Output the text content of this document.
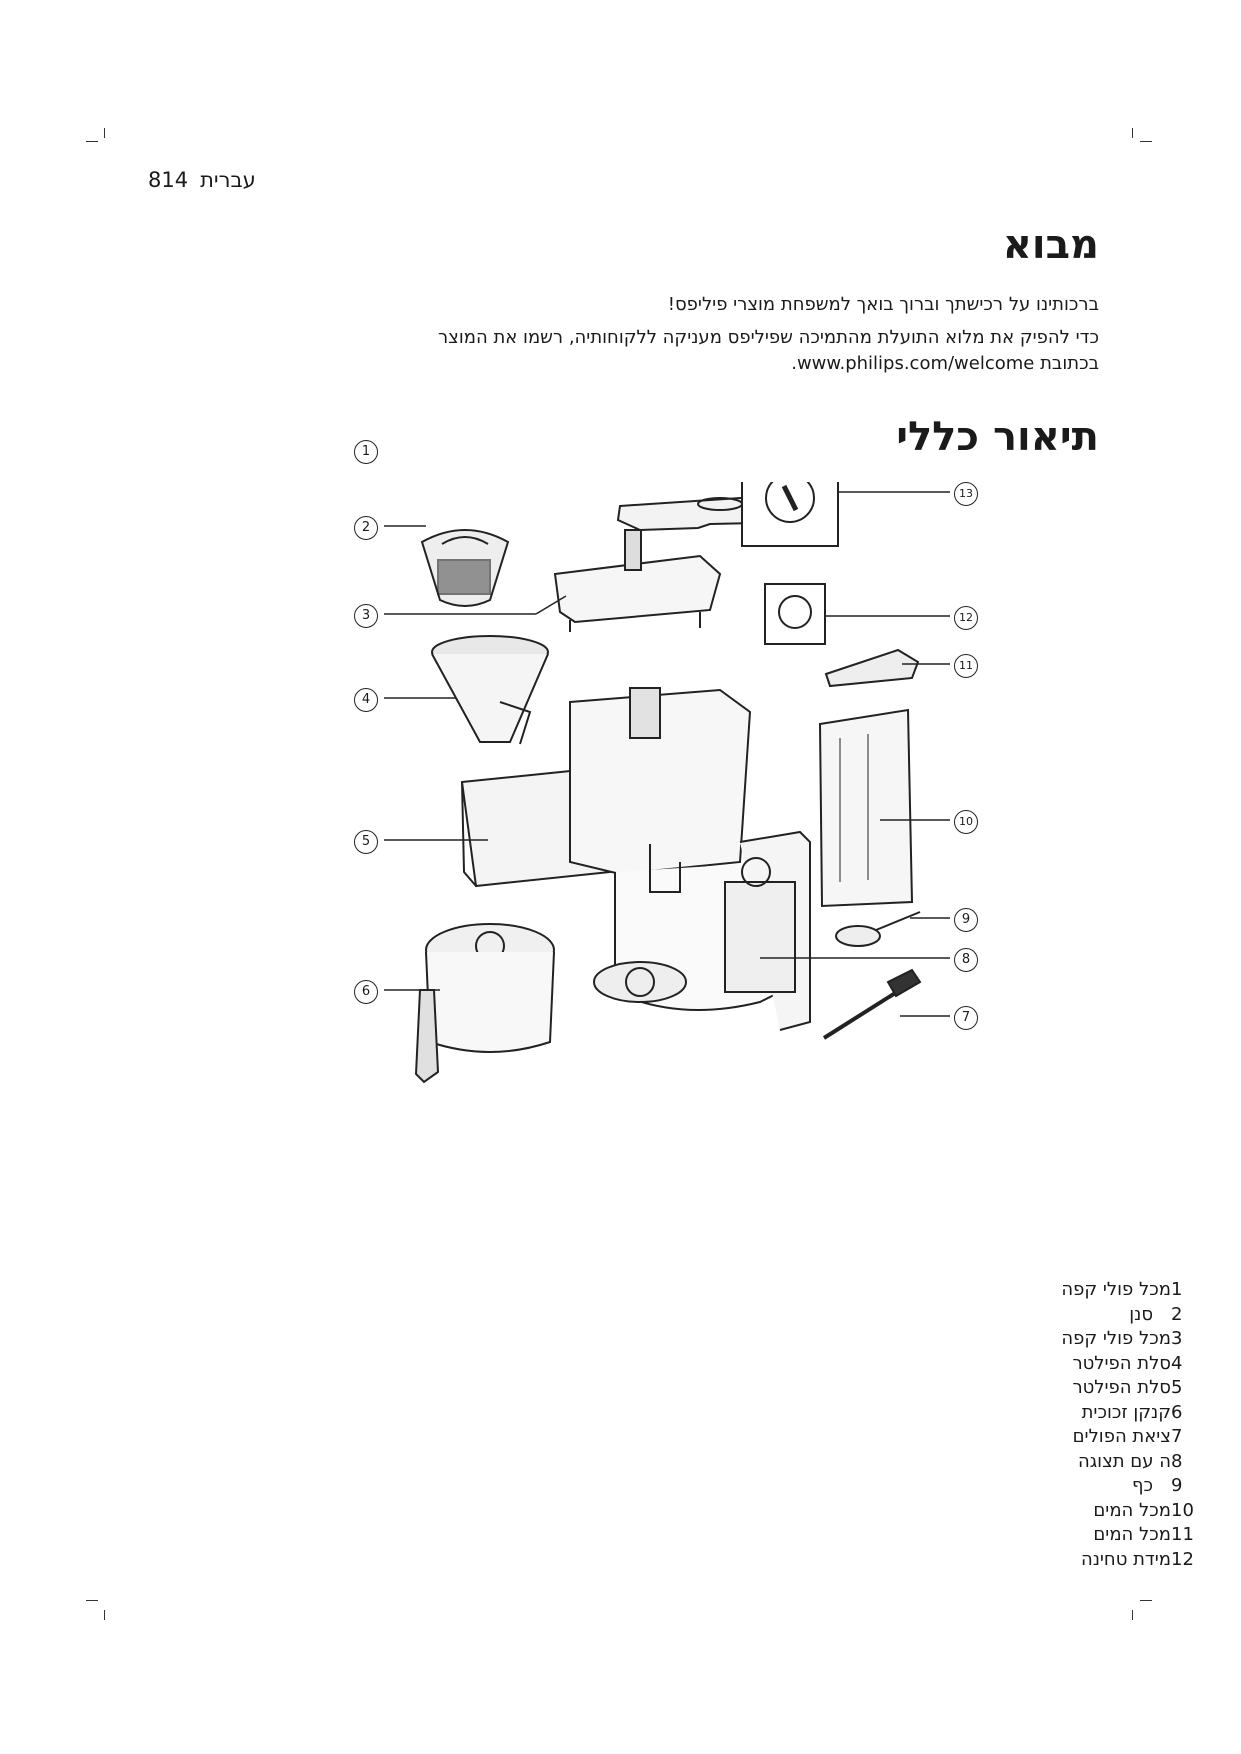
814 עברית
מבוא

ברכותינו על רכישתך וברוך בואך למשפחת מוצרי פיליפס!

כדי להפיק את מלוא התועלת מהתמיכה שפיליפס מעניקה ללקוחותיה, רשמו את המוצר בכתובת www.philips.com/welcome.

תיאור כללי
1
2
3
4
5
6
7
8
9
10
11
12
13
1
מכל פולי קפה
2
סנן
3
מכל פולי קפה
4
סלת הפילטר
5
סלת הפילטר
6
קנקן זכוכית
7
ציאת הפולים
8
ה עם תצוגה
9
כף
10
מכל המים
11
מכל המים
12
מידת טחינה
